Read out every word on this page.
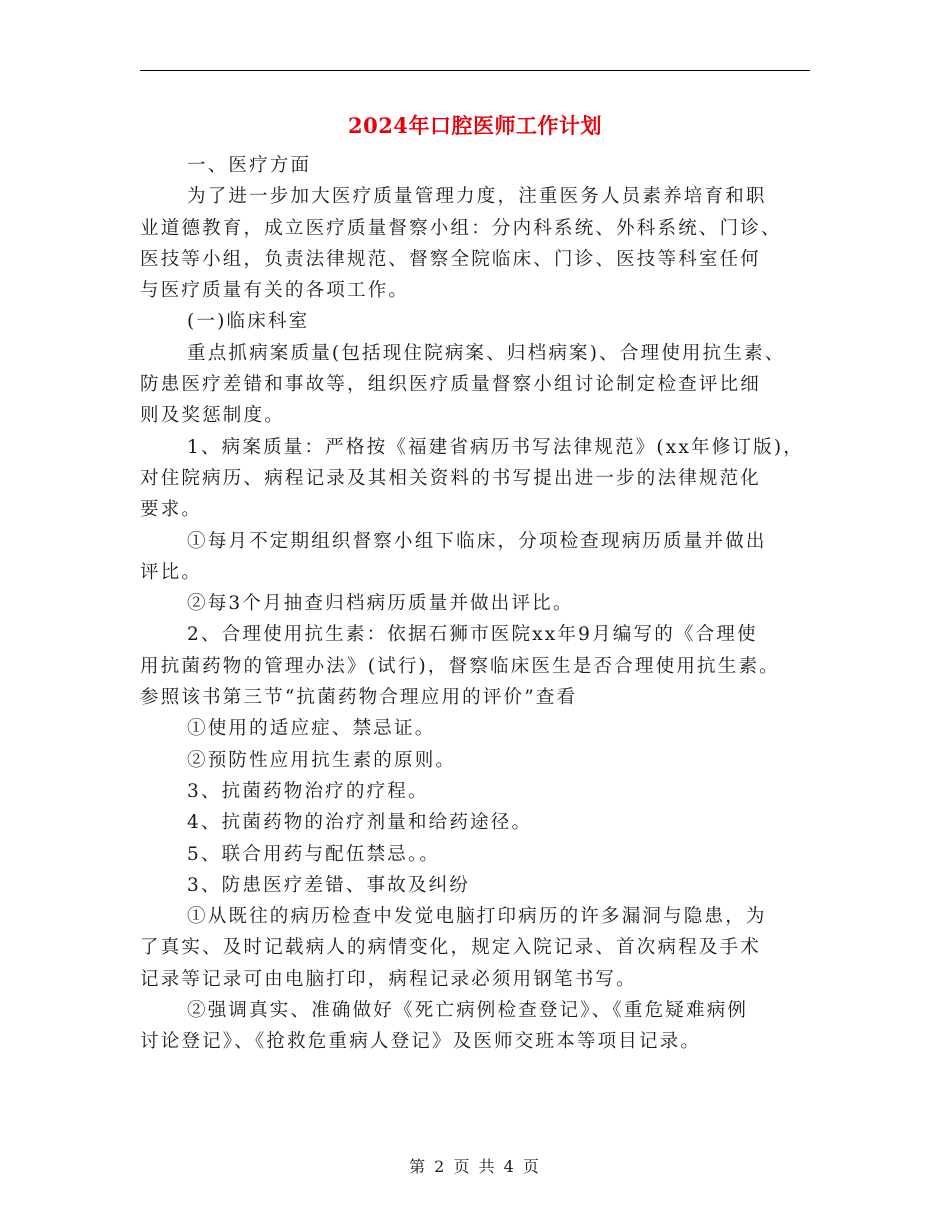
2024年口腔医师工作计划
一、医疗方面
为了进一步加大医疗质量管理力度，注重医务人员素养培育和职
业道德教育，成立医疗质量督察小组：分内科系统、外科系统、门诊、
医技等小组，负责法律规范、督察全院临床、门诊、医技等科室任何
与医疗质量有关的各项工作。
(一)临床科室
重点抓病案质量(包括现住院病案、归档病案)、合理使用抗生素、
防患医疗差错和事故等，组织医疗质量督察小组讨论制定检查评比细
则及奖惩制度。
1、病案质量：严格按《福建省病历书写法律规范》(xx年修订版)，
对住院病历、病程记录及其相关资料的书写提出进一步的法律规范化
要求。
①每月不定期组织督察小组下临床，分项检查现病历质量并做出
评比。
②每3个月抽查归档病历质量并做出评比。
2、合理使用抗生素：依据石狮市医院xx年9月编写的《合理使
用抗菌药物的管理办法》(试行)，督察临床医生是否合理使用抗生素。
参照该书第三节“抗菌药物合理应用的评价”查看
①使用的适应症、禁忌证。
②预防性应用抗生素的原则。
3、抗菌药物治疗的疗程。
4、抗菌药物的治疗剂量和给药途径。
5、联合用药与配伍禁忌。。
3、防患医疗差错、事故及纠纷
①从既往的病历检查中发觉电脑打印病历的许多漏洞与隐患，为
了真实、及时记载病人的病情变化，规定入院记录、首次病程及手术
记录等记录可由电脑打印，病程记录必须用钢笔书写。
②强调真实、准确做好《死亡病例检查登记》、《重危疑难病例
讨论登记》、《抢救危重病人登记》及医师交班本等项目记录。
第 2 页 共 4 页
